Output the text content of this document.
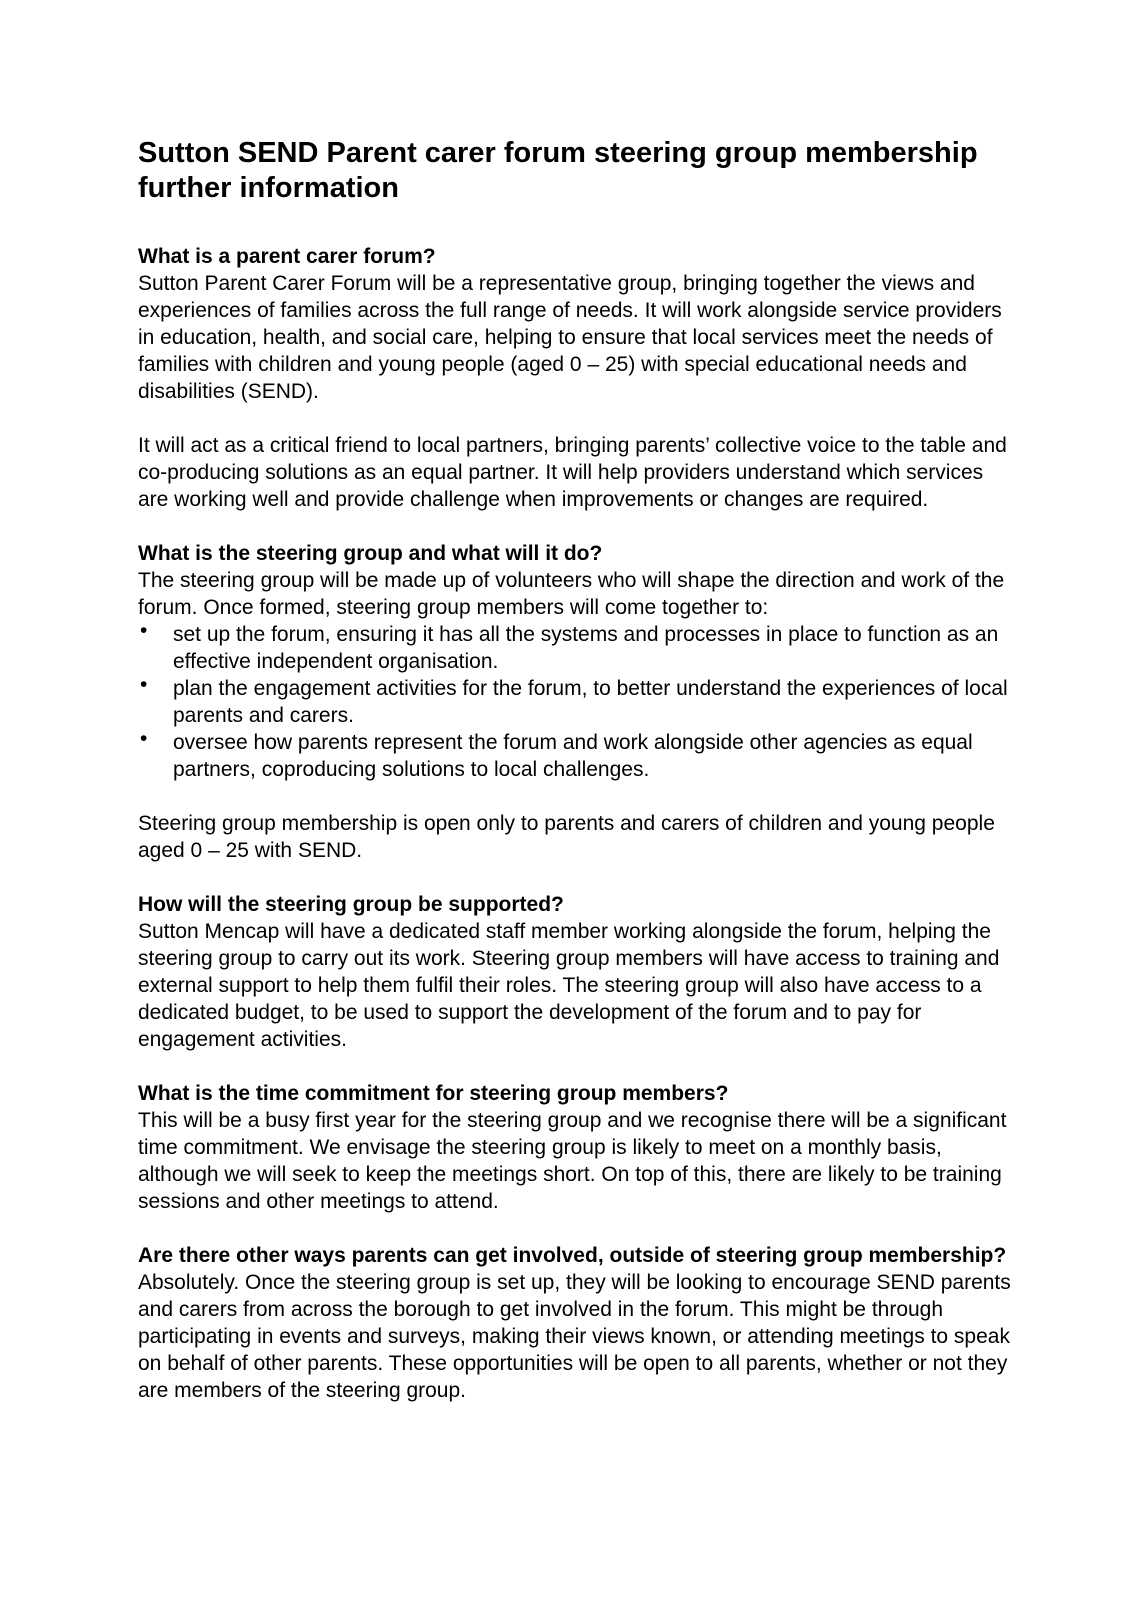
Sutton SEND Parent carer forum steering group membership further information
What is a parent carer forum?

Sutton Parent Carer Forum will be a representative group, bringing together the views and experiences of families across the full range of needs. It will work alongside service providers in education, health, and social care, helping to ensure that local services meet the needs of families with children and young people (aged 0 – 25) with special educational needs and disabilities (SEND).

It will act as a critical friend to local partners, bringing parents’ collective voice to the table and co-producing solutions as an equal partner. It will help providers understand which services are working well and provide challenge when improvements or changes are required.

What is the steering group and what will it do?

The steering group will be made up of volunteers who will shape the direction and work of the forum. Once formed, steering group members will come together to:

• set up the forum, ensuring it has all the systems and processes in place to function as an effective independent organisation.
• plan the engagement activities for the forum, to better understand the experiences of local parents and carers.
• oversee how parents represent the forum and work alongside other agencies as equal partners, coproducing solutions to local challenges.

Steering group membership is open only to parents and carers of children and young people aged 0 – 25 with SEND.

How will the steering group be supported?

Sutton Mencap will have a dedicated staff member working alongside the forum, helping the steering group to carry out its work. Steering group members will have access to training and external support to help them fulfil their roles. The steering group will also have access to a dedicated budget, to be used to support the development of the forum and to pay for engagement activities.

What is the time commitment for steering group members?

This will be a busy first year for the steering group and we recognise there will be a significant time commitment. We envisage the steering group is likely to meet on a monthly basis, although we will seek to keep the meetings short. On top of this, there are likely to be training sessions and other meetings to attend.

Are there other ways parents can get involved, outside of steering group membership?

Absolutely. Once the steering group is set up, they will be looking to encourage SEND parents and carers from across the borough to get involved in the forum. This might be through participating in events and surveys, making their views known, or attending meetings to speak on behalf of other parents. These opportunities will be open to all parents, whether or not they are members of the steering group.
